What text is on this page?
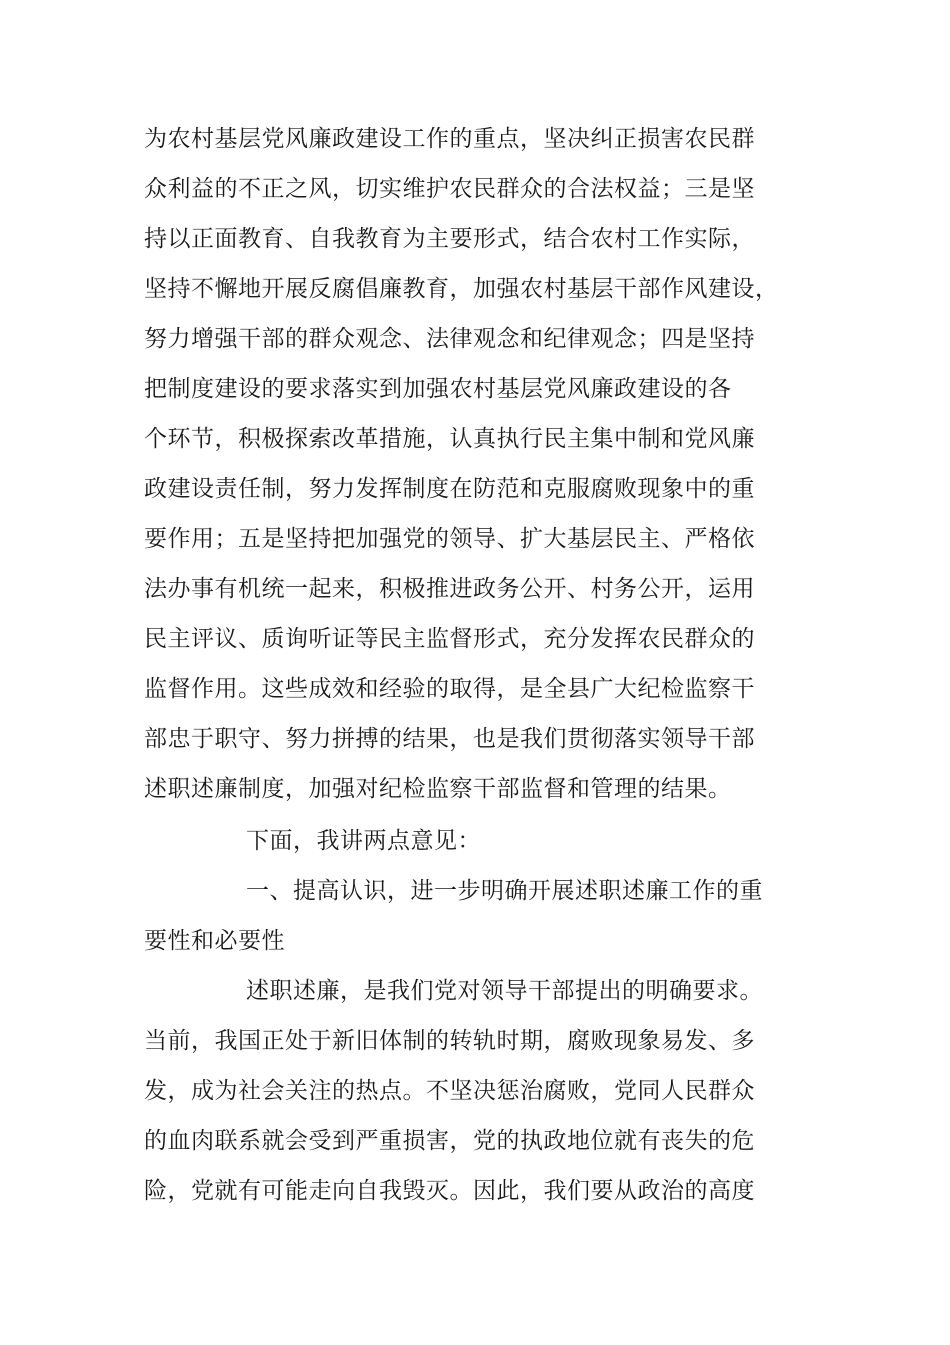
为农村基层党风廉政建设工作的重点，坚决纠正损害农民群
众利益的不正之风，切实维护农民群众的合法权益；三是坚
持以正面教育、自我教育为主要形式，结合农村工作实际，
坚持不懈地开展反腐倡廉教育，加强农村基层干部作风建设，
努力增强干部的群众观念、法律观念和纪律观念；四是坚持
把制度建设的要求落实到加强农村基层党风廉政建设的各
个环节，积极探索改革措施，认真执行民主集中制和党风廉
政建设责任制，努力发挥制度在防范和克服腐败现象中的重
要作用；五是坚持把加强党的领导、扩大基层民主、严格依
法办事有机统一起来，积极推进政务公开、村务公开，运用
民主评议、质询听证等民主监督形式，充分发挥农民群众的
监督作用。这些成效和经验的取得，是全县广大纪检监察干
部忠于职守、努力拼搏的结果，也是我们贯彻落实领导干部
述职述廉制度，加强对纪检监察干部监督和管理的结果。
下面，我讲两点意见：
一、提高认识，进一步明确开展述职述廉工作的重
要性和必要性
述职述廉，是我们党对领导干部提出的明确要求。
当前，我国正处于新旧体制的转轨时期，腐败现象易发、多
发，成为社会关注的热点。不坚决惩治腐败，党同人民群众
的血肉联系就会受到严重损害，党的执政地位就有丧失的危
险，党就有可能走向自我毁灭。因此，我们要从政治的高度
